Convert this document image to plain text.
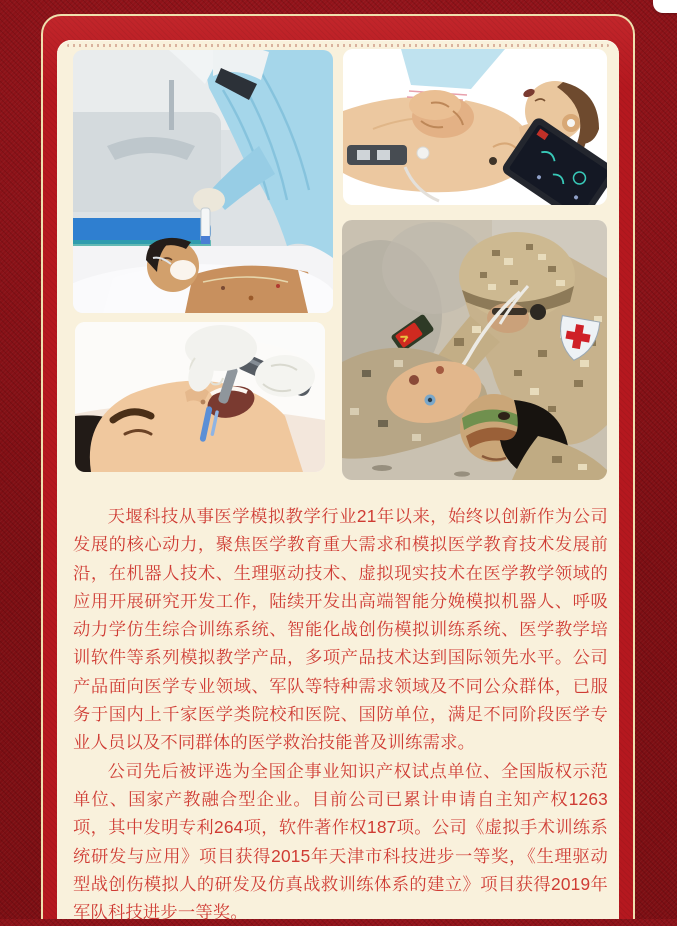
天堰科技从事医学模拟教学行业21年以来，始终以创新作为公司发展的核心动力，聚焦医学教育重大需求和模拟医学教育技术发展前沿，在机器人技术、生理驱动技术、虚拟现实技术在医学教学领域的应用开展研究开发工作，陆续开发出高端智能分娩模拟机器人、呼吸动力学仿生综合训练系统、智能化战创伤模拟训练系统、医学教学培训软件等系列模拟教学产品，多项产品技术达到国际领先水平。公司产品面向医学专业领域、军队等特种需求领域及不同公众群体，已服务于国内上千家医学类院校和医院、国防单位，满足不同阶段医学专业人员以及不同群体的医学救治技能普及训练需求。

公司先后被评选为全国企事业知识产权试点单位、全国版权示范单位、国家产教融合型企业。目前公司已累计申请自主知产权1263项，其中发明专利264项，软件著作权187项。公司《虚拟手术训练系统研发与应用》项目获得2015年天津市科技进步一等奖，《生理驱动型战创伤模拟人的研发及仿真战救训练体系的建立》项目获得2019年军队科技进步一等奖。
